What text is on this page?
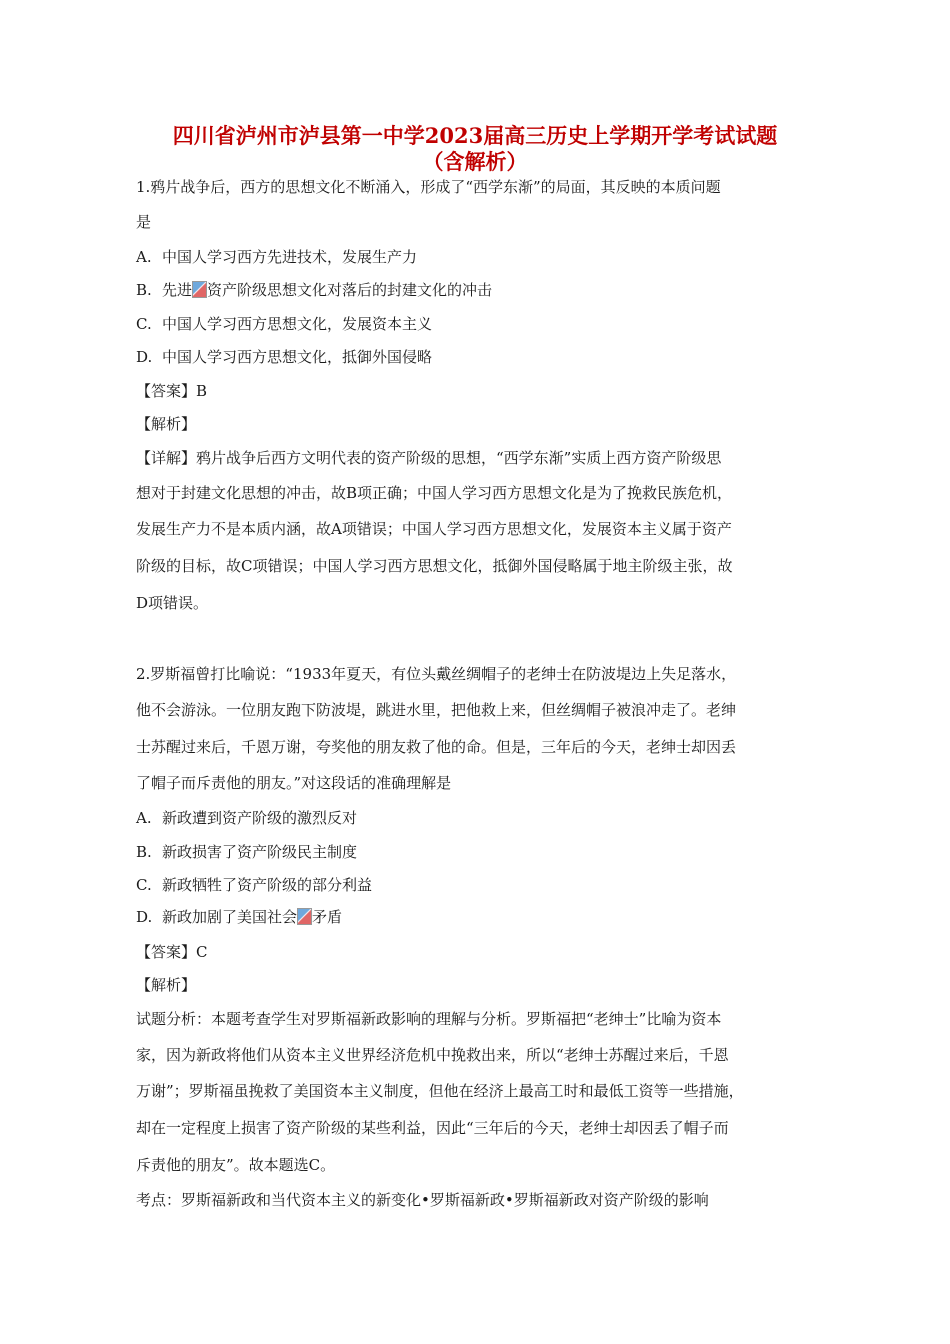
四川省泸州市泸县第一中学2023届高三历史上学期开学考试试题
（含解析）
1.鸦片战争后，西方的思想文化不断涌入，形成了“西学东渐”的局面，其反映的本质问题
是
A. 中国人学习西方先进技术，发展生产力
B. 先进 资产阶级思想文化对落后的封建文化的冲击
C. 中国人学习西方思想文化，发展资本主义
D. 中国人学习西方思想文化，抵御外国侵略
【答案】B
【解析】
【详解】鸦片战争后西方文明代表的资产阶级的思想，“西学东渐”实质上西方资产阶级思
想对于封建文化思想的冲击，故B项正确；中国人学习西方思想文化是为了挽救民族危机，
发展生产力不是本质内涵，故A项错误；中国人学习西方思想文化，发展资本主义属于资产
阶级的目标，故C项错误；中国人学习西方思想文化，抵御外国侵略属于地主阶级主张，故
D项错误。
2.罗斯福曾打比喻说：“1933年夏天，有位头戴丝绸帽子的老绅士在防波堤边上失足落水，
他不会游泳。一位朋友跑下防波堤，跳进水里，把他救上来，但丝绸帽子被浪冲走了。老绅
士苏醒过来后，千恩万谢，夸奖他的朋友救了他的命。但是，三年后的今天，老绅士却因丢
了帽子而斥责他的朋友。”对这段话的准确理解是
A. 新政遭到资产阶级的激烈反对
B. 新政损害了资产阶级民主制度
C. 新政牺牲了资产阶级的部分利益
D. 新政加剧了美国社会 矛盾
【答案】C
【解析】
试题分析：本题考查学生对罗斯福新政影响的理解与分析。罗斯福把“老绅士”比喻为资本
家，因为新政将他们从资本主义世界经济危机中挽救出来，所以“老绅士苏醒过来后，千恩
万谢”；罗斯福虽挽救了美国资本主义制度，但他在经济上最高工时和最低工资等一些措施，
却在一定程度上损害了资产阶级的某些利益，因此“三年后的今天，老绅士却因丢了帽子而
斥责他的朋友”。故本题选C。
考点：罗斯福新政和当代资本主义的新变化•罗斯福新政•罗斯福新政对资产阶级的影响
